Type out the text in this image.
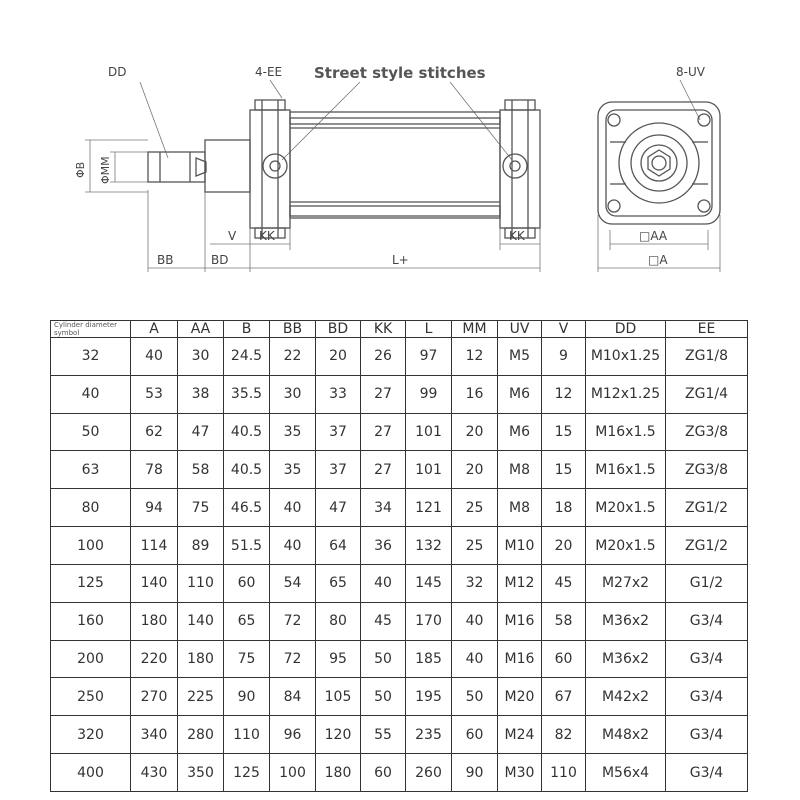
DD	4-EE Street style stitches	8-UV
ΦB ΦMM
V KK	KK
BB	BD	L+
□AA
□A
Cylinder diameter symbol	A	AA	B	BB	BD	KK	L	MM	UV	V	DD	EE
32	40	30	24.5	22	20	26	97	12	M5	9	M10x1.25	ZG1/8
40	53	38	35.5	30	33	27	99	16	M6	12	M12x1.25	ZG1/4
50	62	47	40.5	35	37	27	101	20	M6	15	M16x1.5	ZG3/8
63	78	58	40.5	35	37	27	101	20	M8	15	M16x1.5	ZG3/8
80	94	75	46.5	40	47	34	121	25	M8	18	M20x1.5	ZG1/2
100	114	89	51.5	40	64	36	132	25	M10	20	M20x1.5	ZG1/2
125	140	110	60	54	65	40	145	32	M12	45	M27x2	G1/2
160	180	140	65	72	80	45	170	40	M16	58	M36x2	G3/4
200	220	180	75	72	95	50	185	40	M16	60	M36x2	G3/4
250	270	225	90	84	105	50	195	50	M20	67	M42x2	G3/4
320	340	280	110	96	120	55	235	60	M24	82	M48x2	G3/4
400	430	350	125	100	180	60	260	90	M30	110	M56x4	G3/4
